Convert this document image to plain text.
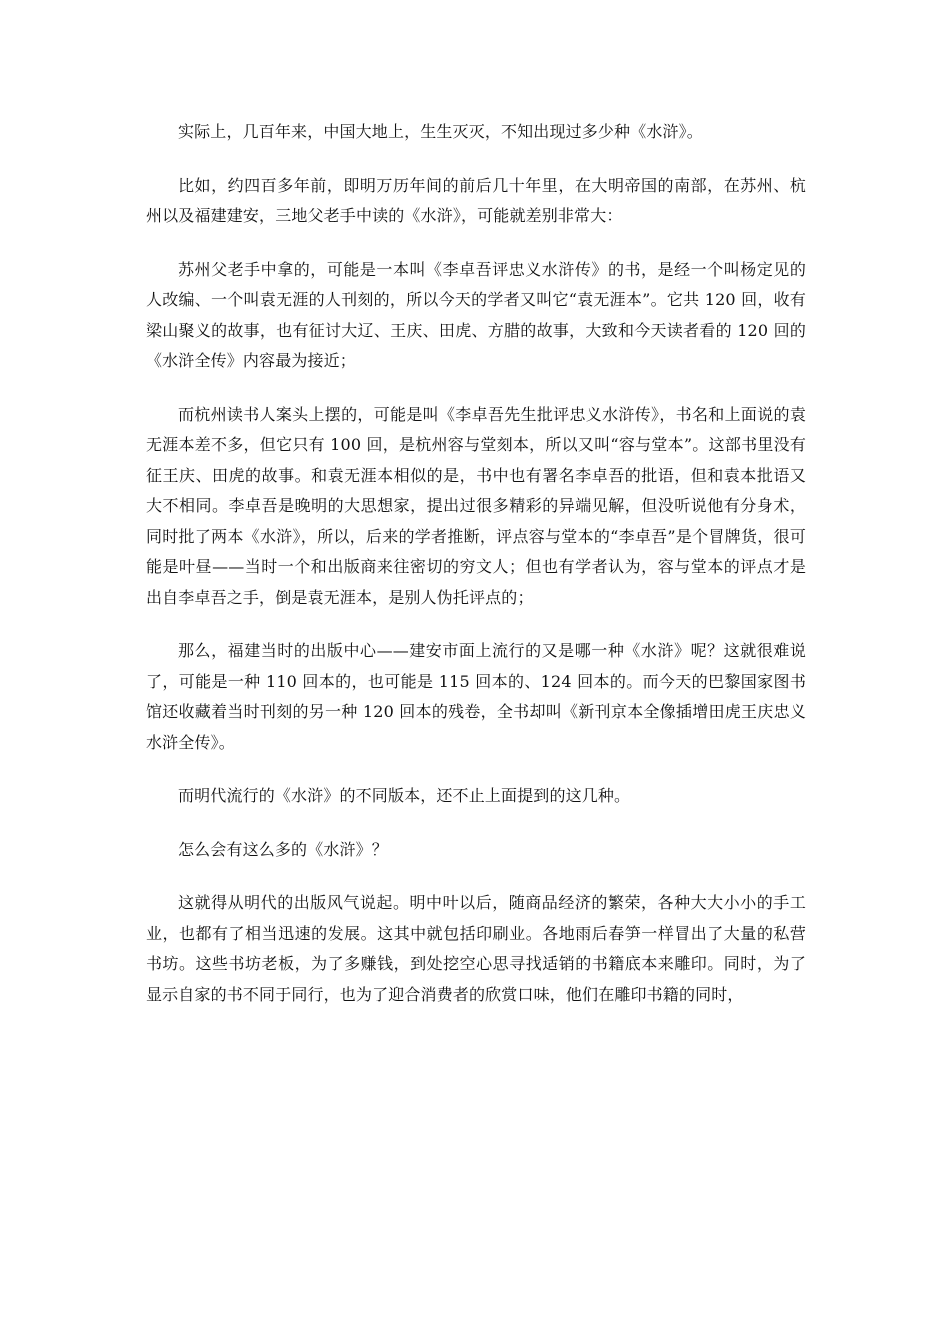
实际上，几百年来，中国大地上，生生灭灭，不知出现过多少种《水浒》。

比如，约四百多年前，即明万历年间的前后几十年里，在大明帝国的南部，在苏州、杭州以及福建建安，三地父老手中读的《水浒》，可能就差别非常大：

苏州父老手中拿的，可能是一本叫《李卓吾评忠义水浒传》的书，是经一个叫杨定见的人改编、一个叫袁无涯的人刊刻的，所以今天的学者又叫它“袁无涯本”。它共 120 回，收有梁山聚义的故事，也有征讨大辽、王庆、田虎、方腊的故事，大致和今天读者看的 120 回的《水浒全传》内容最为接近；

而杭州读书人案头上摆的，可能是叫《李卓吾先生批评忠义水浒传》，书名和上面说的袁无涯本差不多，但它只有 100 回，是杭州容与堂刻本，所以又叫“容与堂本”。这部书里没有征王庆、田虎的故事。和袁无涯本相似的是，书中也有署名李卓吾的批语，但和袁本批语又大不相同。李卓吾是晚明的大思想家，提出过很多精彩的异端见解，但没听说他有分身术，同时批了两本《水浒》，所以，后来的学者推断，评点容与堂本的“李卓吾”是个冒牌货，很可能是叶昼——当时一个和出版商来往密切的穷文人；但也有学者认为，容与堂本的评点才是出自李卓吾之手，倒是袁无涯本，是别人伪托评点的；

那么，福建当时的出版中心——建安市面上流行的又是哪一种《水浒》呢？这就很难说了，可能是一种 110 回本的，也可能是 115 回本的、124 回本的。而今天的巴黎国家图书馆还收藏着当时刊刻的另一种 120 回本的残卷，全书却叫《新刊京本全像插增田虎王庆忠义水浒全传》。

而明代流行的《水浒》的不同版本，还不止上面提到的这几种。

怎么会有这么多的《水浒》？

这就得从明代的出版风气说起。明中叶以后，随商品经济的繁荣，各种大大小小的手工业，也都有了相当迅速的发展。这其中就包括印刷业。各地雨后春笋一样冒出了大量的私营书坊。这些书坊老板，为了多赚钱，到处挖空心思寻找适销的书籍底本来雕印。同时，为了显示自家的书不同于同行，也为了迎合消费者的欣赏口味，他们在雕印书籍的同时，
